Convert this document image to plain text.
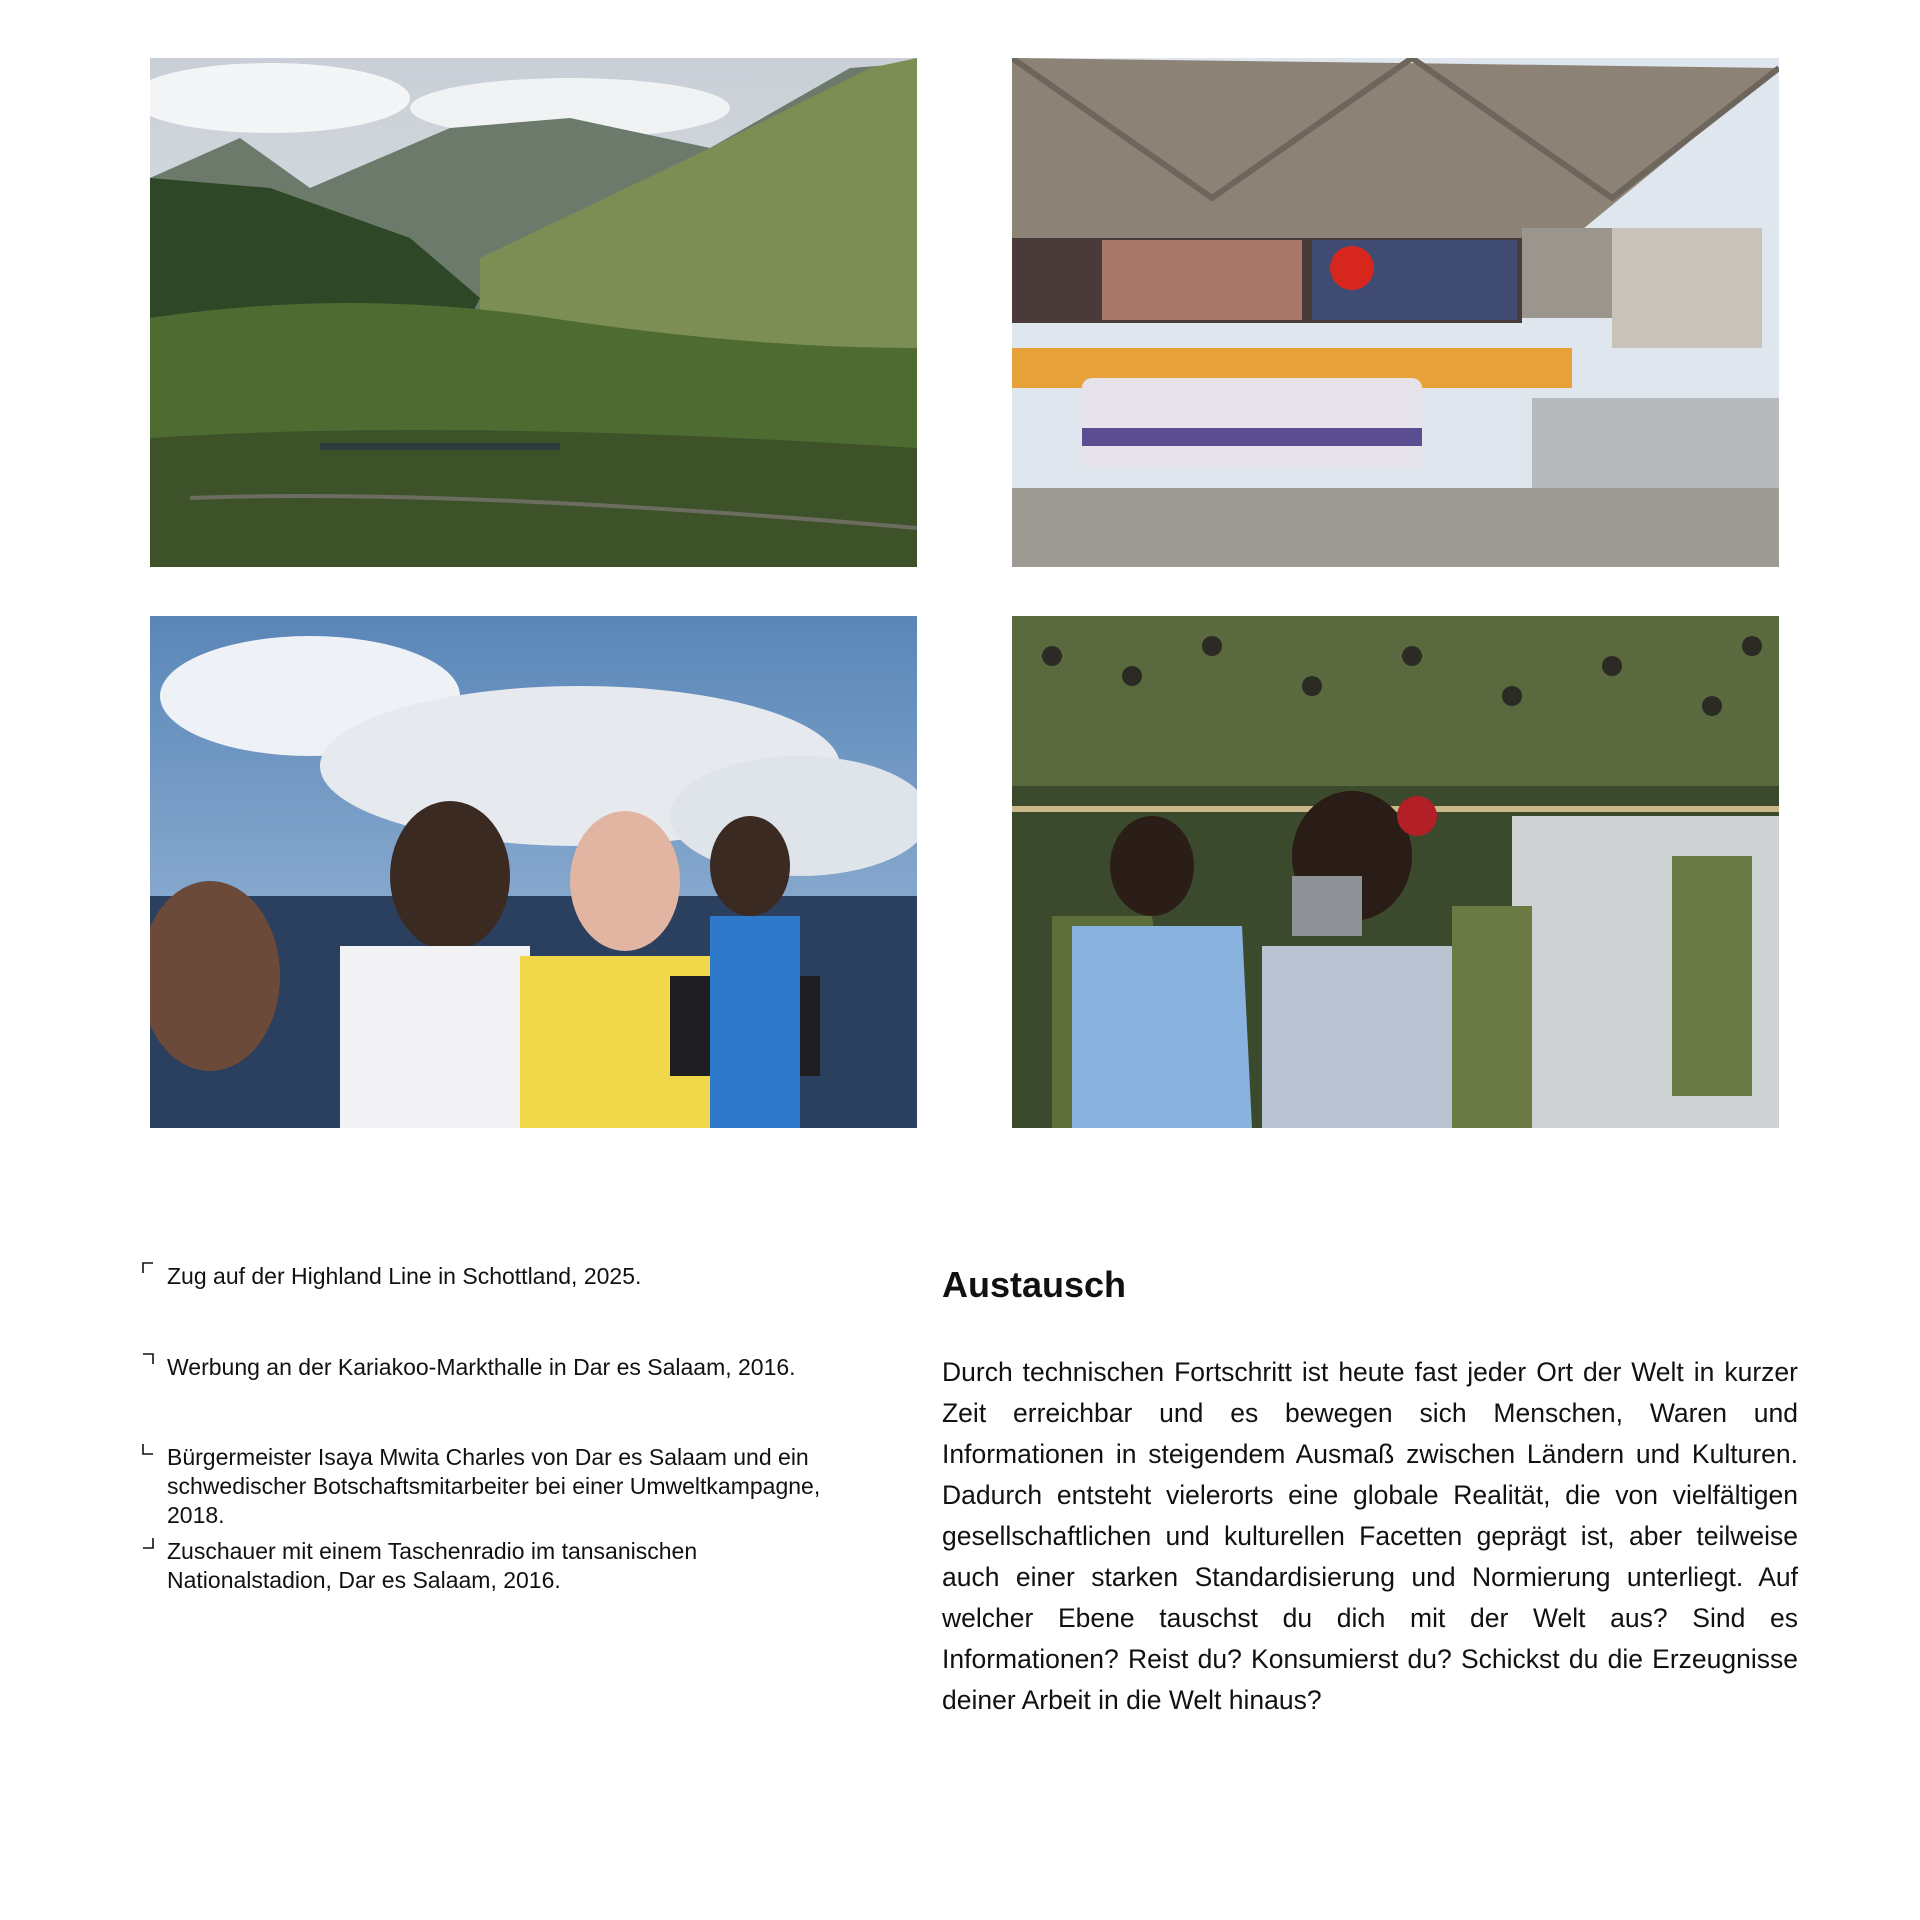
Zug auf der Highland Line in Schottland, 2025.
Werbung an der Kariakoo-Markthalle in Dar es Salaam, 2016.
Bürgermeister Isaya Mwita Charles von Dar es Salaam und ein schwedischer Botschaftsmitarbeiter bei einer Umweltkampagne, 2018.
Zuschauer mit einem Taschenradio im tansanischen Nationalstadion, Dar es Salaam, 2016.
Austausch

Durch technischen Fortschritt ist heute fast jeder Ort der Welt in kurzer Zeit erreichbar und es bewegen sich Menschen, Waren und Informationen in steigendem Ausmaß zwischen Ländern und Kulturen. Dadurch entsteht vielerorts eine globale Realität, die von vielfältigen gesellschaftlichen und kulturellen Facetten geprägt ist, aber teilweise auch einer starken Standardisierung und Normierung unterliegt. Auf welcher Ebene tauschst du dich mit der Welt aus? Sind es Informationen? Reist du? Konsumierst du? Schickst du die Erzeugnisse deiner Arbeit in die Welt hinaus?
